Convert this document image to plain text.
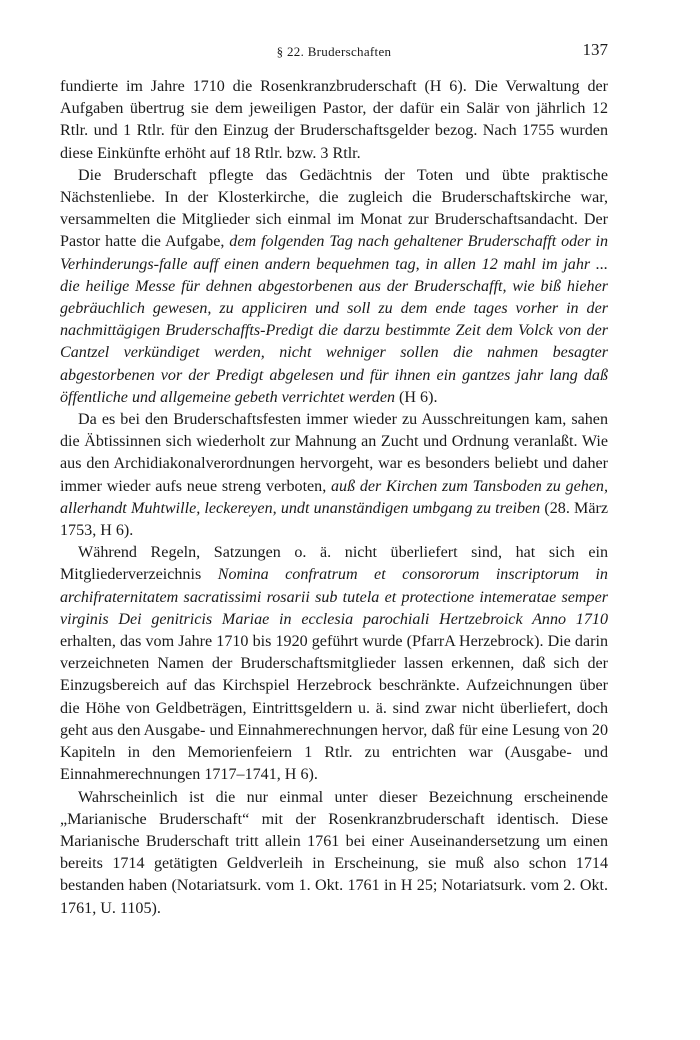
§ 22. Bruderschaften	137

fundierte im Jahre 1710 die Rosenkranzbruderschaft (H 6). Die Verwaltung der Aufgaben übertrug sie dem jeweiligen Pastor, der dafür ein Salär von jährlich 12 Rtlr. und 1 Rtlr. für den Einzug der Bruderschaftsgelder bezog. Nach 1755 wurden diese Einkünfte erhöht auf 18 Rtlr. bzw. 3 Rtlr.

Die Bruderschaft pflegte das Gedächtnis der Toten und übte praktische Nächstenliebe. In der Klosterkirche, die zugleich die Bruderschaftskirche war, versammelten die Mitglieder sich einmal im Monat zur Bruderschaftsandacht. Der Pastor hatte die Aufgabe, dem folgenden Tag nach gehaltener Bruderschafft oder in Verhinderungs-falle auff einen andern bequehmen tag, in allen 12 mahl im jahr ... die heilige Messe für dehnen abgestorbenen aus der Bruderschafft, wie biß hieher gebräuchlich gewesen, zu appliciren und soll zu dem ende tages vorher in der nachmittägigen Bruderschaffts-Predigt die darzu bestimmte Zeit dem Volck von der Cantzel verkündiget werden, nicht wehniger sollen die nahmen besagter abgestorbenen vor der Predigt abgelesen und für ihnen ein gantzes jahr lang daß öffentliche und allgemeine gebeth verrichtet werden (H 6).

Da es bei den Bruderschaftsfesten immer wieder zu Ausschreitungen kam, sahen die Äbtissinnen sich wiederholt zur Mahnung an Zucht und Ordnung veranlaßt. Wie aus den Archidiakonalverordnungen hervorgeht, war es besonders beliebt und daher immer wieder aufs neue streng verboten, auß der Kirchen zum Tansboden zu gehen, allerhandt Muhtwille, leckereyen, undt unanständigen umbgang zu treiben (28. März 1753, H 6).

Während Regeln, Satzungen o. ä. nicht überliefert sind, hat sich ein Mitgliederverzeichnis Nomina confratrum et consororum inscriptorum in archifraternitatem sacratissimi rosarii sub tutela et protectione intemeratae semper virginis Dei genitricis Mariae in ecclesia parochiali Hertzebroick Anno 1710 erhalten, das vom Jahre 1710 bis 1920 geführt wurde (PfarrA Herzebrock). Die darin verzeichneten Namen der Bruderschaftsmitglieder lassen erkennen, daß sich der Einzugsbereich auf das Kirchspiel Herzebrock beschränkte. Aufzeichnungen über die Höhe von Geldbeträgen, Eintrittsgeldern u. ä. sind zwar nicht überliefert, doch geht aus den Ausgabe- und Einnahmerechnungen hervor, daß für eine Lesung von 20 Kapiteln in den Memorienfeiern 1 Rtlr. zu entrichten war (Ausgabe- und Einnahmerechnungen 1717–1741, H 6).

Wahrscheinlich ist die nur einmal unter dieser Bezeichnung erscheinende „Marianische Bruderschaft“ mit der Rosenkranzbruderschaft identisch. Diese Marianische Bruderschaft tritt allein 1761 bei einer Auseinandersetzung um einen bereits 1714 getätigten Geldverleih in Erscheinung, sie muß also schon 1714 bestanden haben (Notariatsurk. vom 1. Okt. 1761 in H 25; Notariatsurk. vom 2. Okt. 1761, U. 1105).
